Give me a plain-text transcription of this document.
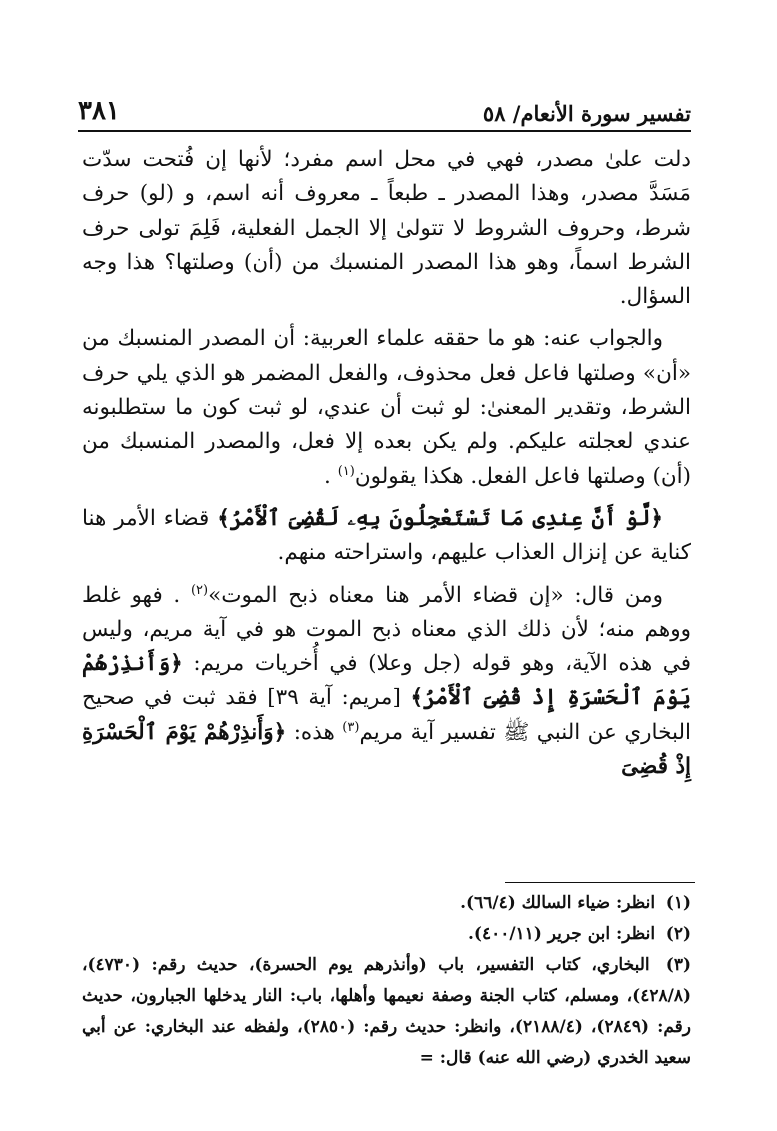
٣٨١	تفسير سورة الأنعام/ ٥٨

دلت علىٰ مصدر، فهي في محل اسم مفرد؛ لأنها إن فُتحت سدّت مَسَدَّ مصدر، وهذا المصدر ـ طبعاً ـ معروف أنه اسم، و (لو) حرف شرط، وحروف الشروط لا تتولىٰ إلا الجمل الفعلية، فَلِمَ تولى حرف الشرط اسماً، وهو هذا المصدر المنسبك من (أن) وصلتها؟ هذا وجه السؤال.

والجواب عنه: هو ما حققه علماء العربية: أن المصدر المنسبك من «أن» وصلتها فاعل فعل محذوف، والفعل المضمر هو الذي يلي حرف الشرط، وتقدير المعنىٰ: لو ثبت أن عندي، لو ثبت كون ما ستطلبونه عندي لعجلته عليكم. ولم يكن بعده إلا فعل، والمصدر المنسبك من (أن) وصلتها فاعل الفعل. هكذا يقولون$^{(١)}$ .

﴿لَّوْ أَنَّ عِندِى مَا تَسْتَعْجِلُونَ بِهِۦ لَقُضِىَ ٱلْأَمْرُ﴾ قضاء الأمر هنا كناية عن إنزال العذاب عليهم، واستراحته منهم.

ومن قال: «إن قضاء الأمر هنا معناه ذبح الموت»$^{(٢)}$ . فهو غلط ووهم منه؛ لأن ذلك الذي معناه ذبح الموت هو في آية مريم، وليس في هذه الآية، وهو قوله (جل وعلا) في أُخريات مريم: ﴿وَأَنذِرْهُمْ يَوْمَ ٱلْحَسْرَةِ إِذْ قُضِىَ ٱلْأَمْرُ﴾ [مريم: آية ٣٩] فقد ثبت في صحيح البخاري عن النبي ﷺ تفسير آية مريم$^{(٣)}$ هذه: ﴿وَأَنذِرْهُمْ يَوْمَ ٱلْحَسْرَةِ إِذْ قُضِىَ

(١) انظر: ضياء السالك (٦٦/٤).

(٢) انظر: ابن جرير (٤٠٠/١١).

(٣) البخاري، كتاب التفسير، باب (وأنذرهم يوم الحسرة)، حديث رقم: (٤٧٣٠)، (٤٢٨/٨)، ومسلم، كتاب الجنة وصفة نعيمها وأهلها، باب: النار يدخلها الجبارون، حديث رقم: (٢٨٤٩)، (٢١٨٨/٤)، وانظر: حديث رقم: (٢٨٥٠)، ولفظه عند البخاري: عن أبي سعيد الخدري (رضي الله عنه) قال: =
